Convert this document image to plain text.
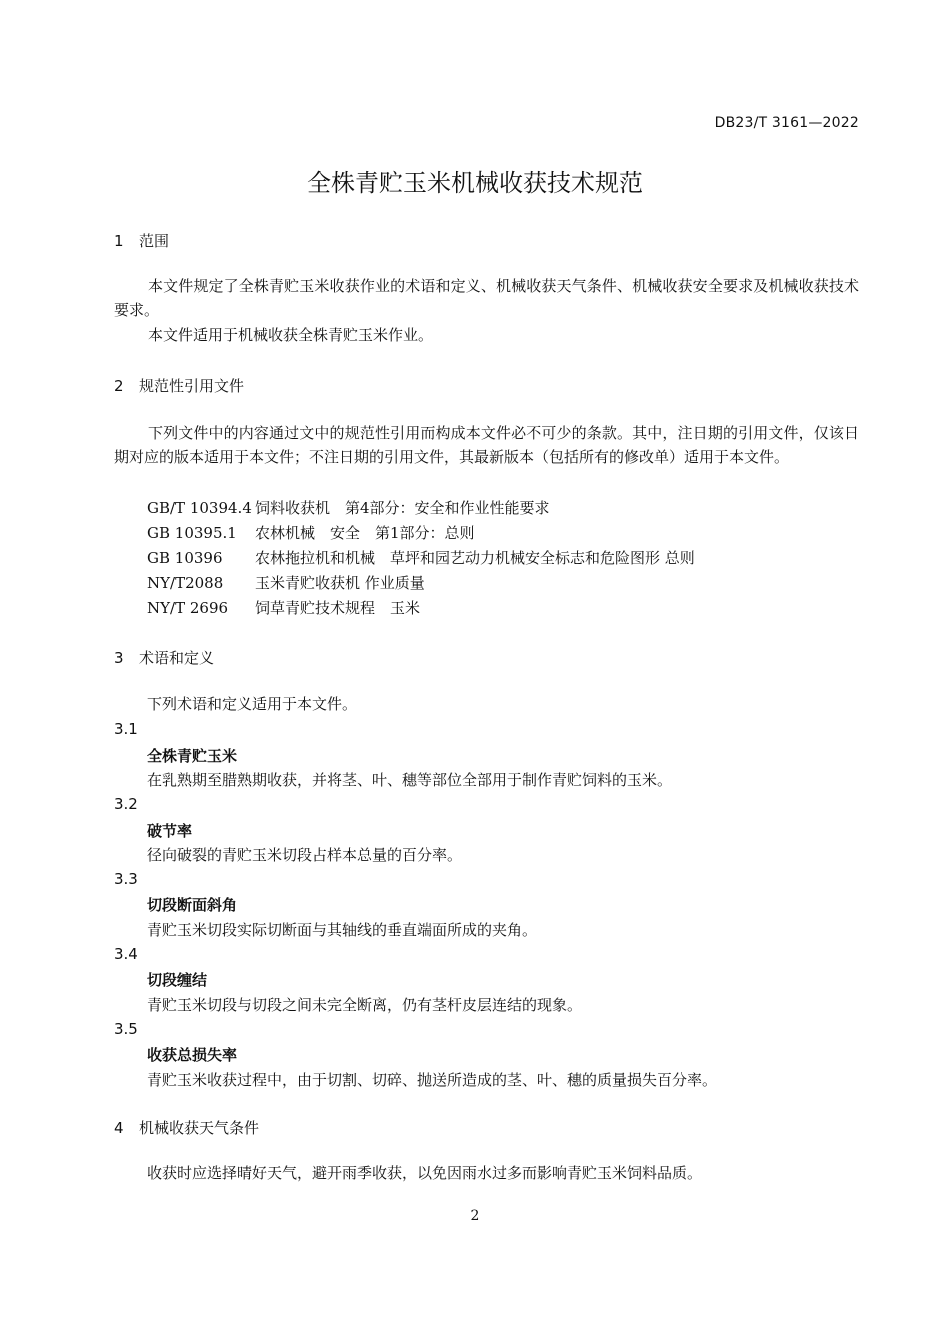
DB23/T 3161—2022
全株青贮玉米机械收获技术规范
1 范围
本文件规定了全株青贮玉米收获作业的术语和定义、机械收获天气条件、机械收获安全要求及机械收获技术要求。
本文件适用于机械收获全株青贮玉米作业。
2 规范性引用文件
下列文件中的内容通过文中的规范性引用而构成本文件必不可少的条款。其中，注日期的引用文件，仅该日期对应的版本适用于本文件；不注日期的引用文件，其最新版本（包括所有的修改单）适用于本文件。
GB/T 10394.4 饲料收获机　第4部分：安全和作业性能要求
GB 10395.1 农林机械　安全　第1部分：总则
GB 10396 农林拖拉机和机械　草坪和园艺动力机械安全标志和危险图形 总则
NY/T2088 玉米青贮收获机 作业质量
NY/T 2696 饲草青贮技术规程　玉米
3 术语和定义
下列术语和定义适用于本文件。
3.1
全株青贮玉米
在乳熟期至腊熟期收获，并将茎、叶、穗等部位全部用于制作青贮饲料的玉米。
3.2
破节率
径向破裂的青贮玉米切段占样本总量的百分率。
3.3
切段断面斜角
青贮玉米切段实际切断面与其轴线的垂直端面所成的夹角。
3.4
切段缠结
青贮玉米切段与切段之间未完全断离，仍有茎杆皮层连结的现象。
3.5
收获总损失率
青贮玉米收获过程中，由于切割、切碎、抛送所造成的茎、叶、穗的质量损失百分率。
4 机械收获天气条件
收获时应选择晴好天气，避开雨季收获，以免因雨水过多而影响青贮玉米饲料品质。
2
